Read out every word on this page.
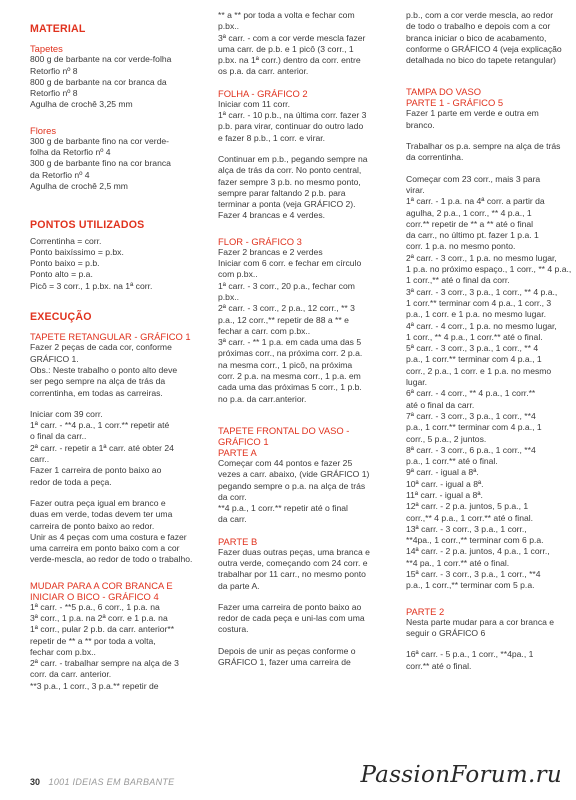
MATERIAL
Tapetes
800 g de barbante na cor verde-folha
Retorfio nº 8
800 g de barbante na cor branca da
Retorfio nº 8
Agulha de crochê 3,25 mm
Flores
300 g de barbante fino na cor verde-
folha da Retorfio nº 4
300 g de barbante fino na cor branca
da Retorfio nº 4
Agulha de crochê 2,5 mm
PONTOS UTILIZADOS
Correntinha = corr.
Ponto baixíssimo = p.bx.
Ponto baixo = p.b.
Ponto alto = p.a.
Picô = 3 corr., 1 p.bx. na 1ª corr.
EXECUÇÃO
TAPETE RETANGULAR - GRÁFICO 1
Fazer 2 peças de cada cor, conforme
GRÁFICO 1.
Obs.: Neste trabalho o ponto alto deve
ser pego sempre na alça de trás da
correntinha, em todas as carreiras.
Iniciar com 39 corr.
1ª carr. - **4 p.a., 1 corr.** repetir até
o final da carr..
2ª carr. - repetir a 1ª carr. até obter 24
carr..
Fazer 1 carreira de ponto baixo ao
redor de toda a peça.
Fazer outra peça igual em branco e
duas em verde, todas devem ter uma
carreira de ponto baixo ao redor.
Unir as 4 peças com uma costura e fazer
uma carreira em ponto baixo com a cor
verde-mescla, ao redor de todo o trabalho.
MUDAR PARA A COR BRANCA E
INICIAR O BICO - GRÁFICO 4
1ª carr. - **5 p.a., 6 corr., 1 p.a. na
3ª corr., 1 p.a. na 2ª corr. e 1 p.a. na
1ª corr., pular 2 p.b. da carr. anterior**
repetir de ** a ** por toda a volta,
fechar com p.bx..
2ª carr. - trabalhar sempre na alça de 3
corr. da carr. anterior.
**3 p.a., 1 corr., 3 p.a.** repetir de
** a ** por toda a volta e fechar com
p.bx..
3ª carr. - com a cor verde mescla fazer
uma carr. de p.b. e 1 picô (3 corr., 1
p.bx. na 1ª corr.) dentro da corr. entre
os p.a. da carr. anterior.
FOLHA - GRÁFICO 2
Iniciar com 11 corr.
1ª carr. - 10 p.b., na última corr. fazer 3
p.b. para virar, continuar do outro lado
e fazer 8 p.b., 1 corr. e virar.
Continuar em p.b., pegando sempre na
alça de trás da corr. No ponto central,
fazer sempre 3 p.b. no mesmo ponto,
sempre parar faltando 2 p.b. para
terminar a ponta (veja GRÁFICO 2).
Fazer 4 brancas e 4 verdes.
FLOR - GRÁFICO 3
Fazer 2 brancas e 2 verdes
Iniciar com 6 corr. e fechar em círculo
com p.bx..
1ª carr. - 3 corr., 20 p.a., fechar com
p.bx..
2ª carr. - 3 corr., 2 p.a., 12 corr., ** 3
p.a., 12 corr.,** repetir de 88 a ** e
fechar a carr. com p.bx..
3ª carr. - ** 1 p.a. em cada uma das 5
próximas corr., na próxima corr. 2 p.a.
na mesma corr., 1 picô, na próxima
corr. 2 p.a. na mesma corr., 1 p.a. em
cada uma das próximas 5 corr., 1 p.b.
no p.a. da carr.anterior.
TAPETE FRONTAL DO VASO -
GRÁFICO 1
PARTE A
Começar com 44 pontos e fazer 25
vezes a carr. abaixo, (vide GRÁFICO 1)
pegando sempre o p.a. na alça de trás
da corr.
**4 p.a., 1 corr.** repetir até o final
da carr.
PARTE B
Fazer duas outras peças, uma branca e
outra verde, começando com 24 corr. e
trabalhar por 11 carr., no mesmo ponto
da parte A.
Fazer uma carreira de ponto baixo ao
redor de cada peça e uni-las com uma
costura.
Depois de unir as peças conforme o
GRÁFICO 1, fazer uma carreira de
p.b., com a cor verde mescla, ao redor
de todo o trabalho e depois com a cor
branca iniciar o bico de acabamento,
conforme o GRÁFICO 4 (veja explicação
detalhada no bico do tapete retangular)
TAMPA DO VASO
PARTE 1 - GRÁFICO 5
Fazer 1 parte em verde e outra em
branco.
Trabalhar os p.a. sempre na alça de trás
da correntinha.
Começar com 23 corr., mais 3 para
virar.
1ª carr. - 1 p.a. na 4ª corr. a partir da
agulha, 2 p.a., 1 corr., ** 4 p.a., 1
corr.** repetir de ** a ** até o final
da carr., no último pt. fazer 1 p.a. 1
corr. 1 p.a. no mesmo ponto.
2ª carr. - 3 corr., 1 p.a. no mesmo lugar,
1 p.a. no próximo espaço., 1 corr., ** 4 p.a.,
1 corr.,** até o final da corr.
3ª carr. - 3 corr., 3 p.a., 1 corr., ** 4 p.a.,
1 corr.** terminar com 4 p.a., 1 corr., 3
p.a., 1 corr. e 1 p.a. no mesmo lugar.
4ª carr. - 4 corr., 1 p.a. no mesmo lugar,
1 corr., ** 4 p.a., 1 corr.** até o final.
5ª carr. - 3 corr., 3 p.a., 1 corr., ** 4
p.a., 1 corr.** terminar com 4 p.a., 1
corr., 2 p.a., 1 corr. e 1 p.a. no mesmo
lugar.
6ª carr. - 4 corr., ** 4 p.a., 1 corr.**
até o final da carr.
7ª carr. - 3 corr., 3 p.a., 1 corr., **4
p.a., 1 corr.** terminar com 4 p.a., 1
corr., 5 p.a., 2 juntos.
8ª carr. - 3 corr., 6 p.a., 1 corr., **4
p.a., 1 corr.** até o final.
9ª carr. - igual a 8ª.
10ª carr. - igual a 8ª.
11ª carr. - igual a 8ª.
12ª carr. - 2 p.a. juntos, 5 p.a., 1
corr.,** 4 p.a., 1 corr.** até o final.
13ª carr. - 3 corr., 3 p.a., 1 corr.,
**4pa., 1 corr.,** terminar com 6 p.a.
14ª carr. - 2 p.a. juntos, 4 p.a., 1 corr.,
**4 pa., 1 corr.** até o final.
15ª carr. - 3 corr., 3 p.a., 1 corr., **4
p.a., 1 corr.,** terminar com 5 p.a.
PARTE 2
Nesta parte mudar para a cor branca e
seguir o GRÁFICO 6
16ª carr. - 5 p.a., 1 corr., **4pa., 1
corr.** até o final.
30 1001 IDEIAS EM BARBANTE	PassionForum.ru
